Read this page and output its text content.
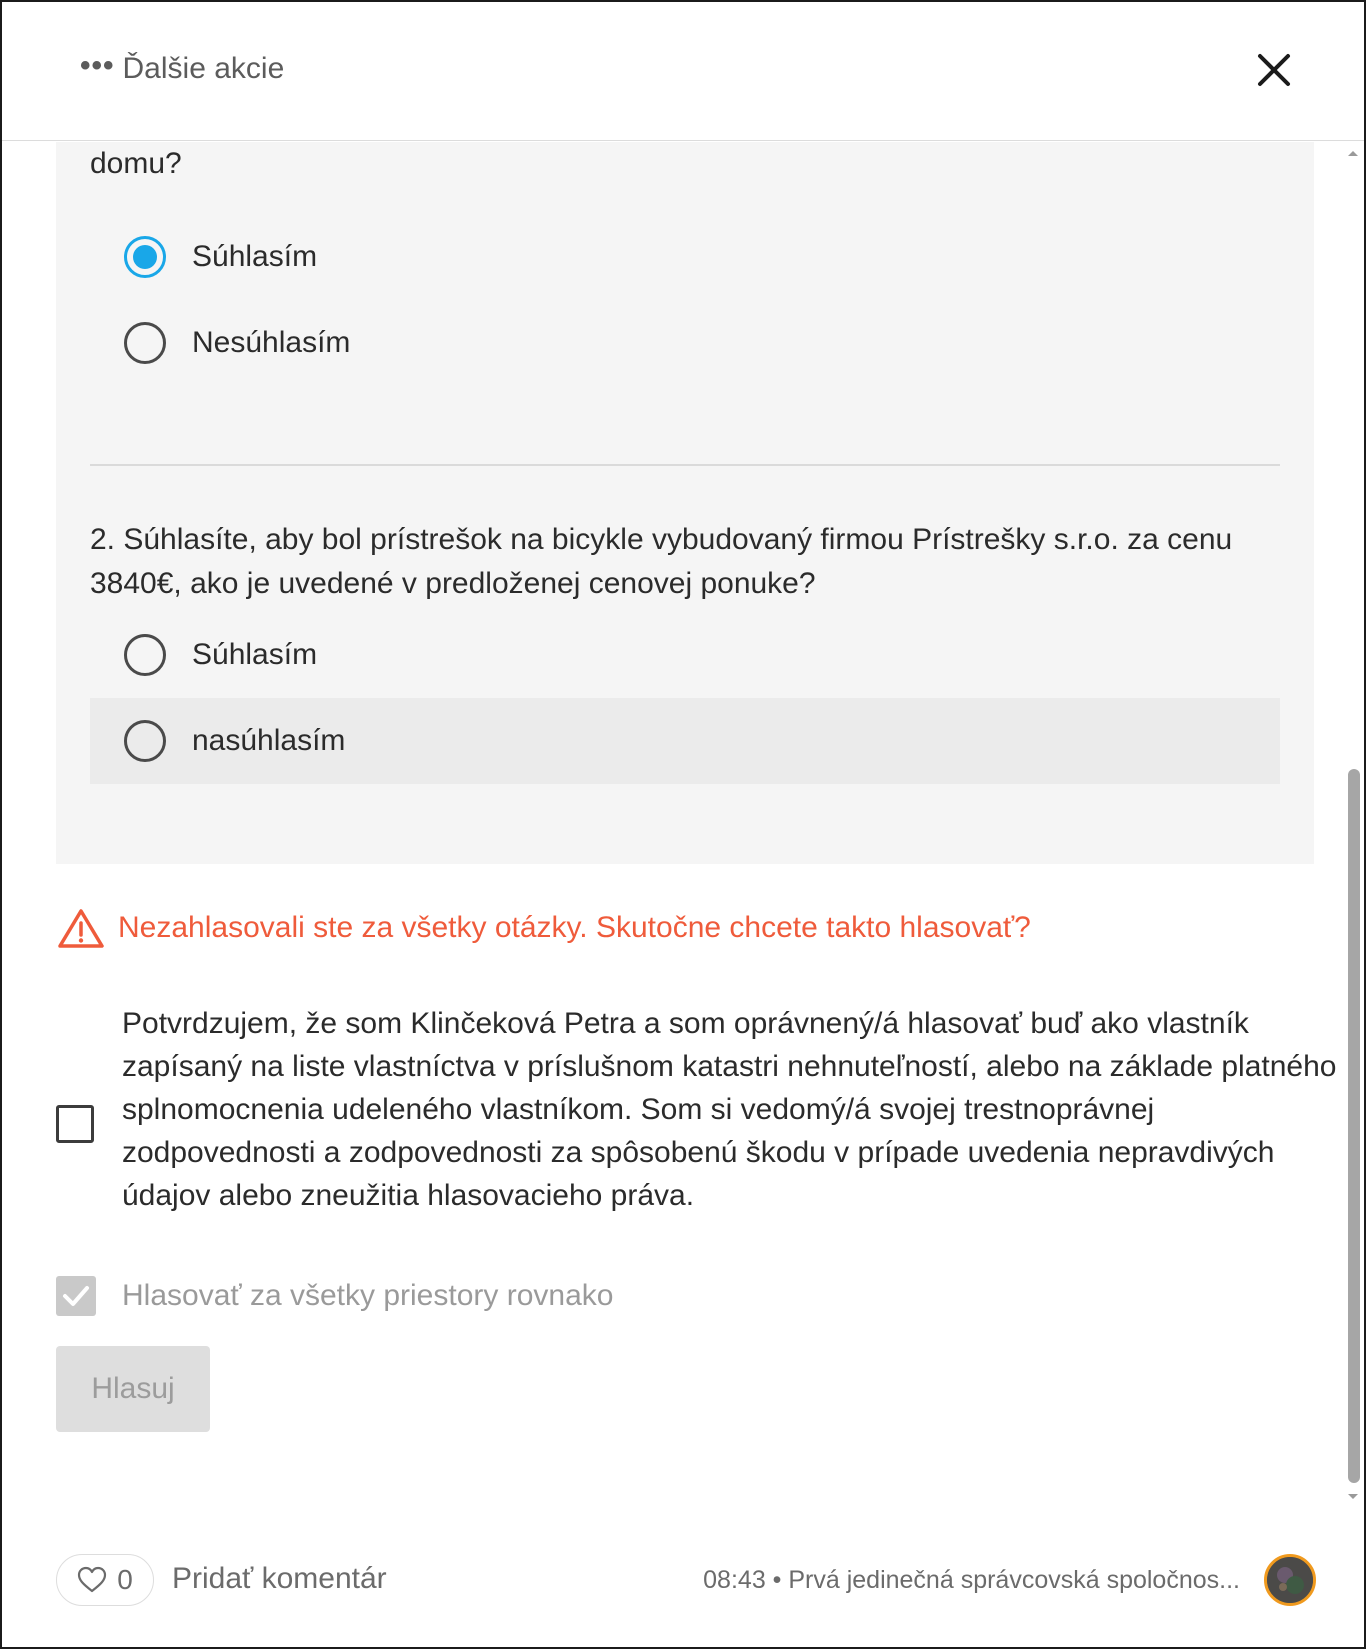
••• Ďalšie akcie
domu?
Súhlasím
Nesúhlasím
2. Súhlasíte, aby bol prístrešok na bicykle vybudovaný firmou Prístrešky s.r.o. za cenu 3840€, ako je uvedené v predloženej cenovej ponuke?
Súhlasím
nasúhlasím
Nezahlasovali ste za všetky otázky. Skutočne chcete takto hlasovať?
Potvrdzujem, že som Klinčeková Petra a som oprávnený/á hlasovať buď ako vlastník zapísaný na liste vlastníctva v príslušnom katastri nehnuteľností, alebo na základe platného splnomocnenia udeleného vlastníkom. Som si vedomý/á svojej trestnoprávnej zodpovednosti a zodpovednosti za spôsobenú škodu v prípade uvedenia nepravdivých údajov alebo zneužitia hlasovacieho práva.
Hlasovať za všetky priestory rovnako
Hlasuj
0 Pridať komentár	08:43 • Prvá jedinečná správcovská spoločnos...
